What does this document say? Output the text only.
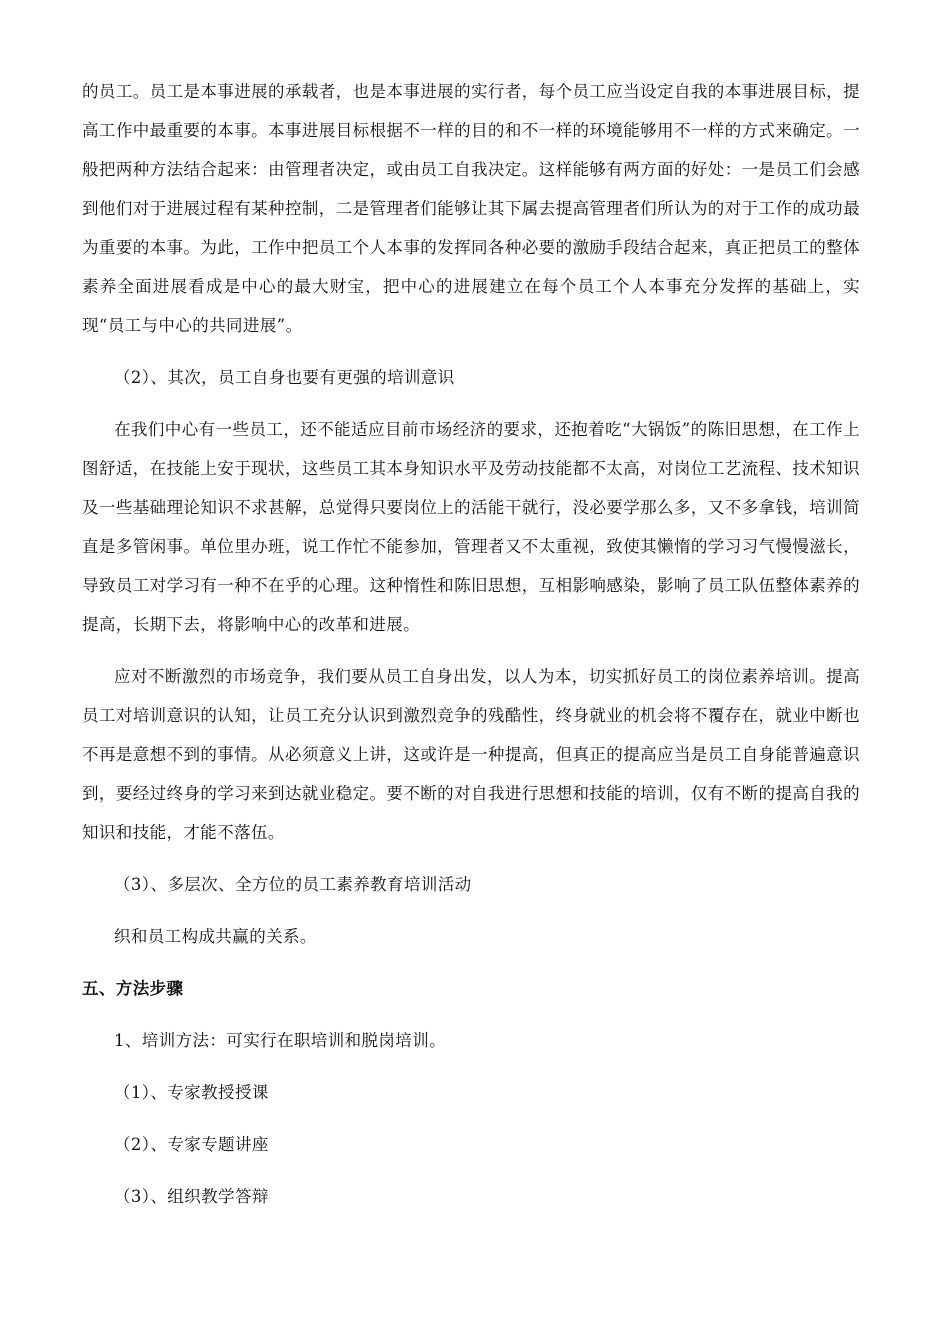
的员工。员工是本事进展的承载者，也是本事进展的实行者，每个员工应当设定自我的本事进展目标，提高工作中最重要的本事。本事进展目标根据不一样的目的和不一样的环境能够用不一样的方式来确定。一般把两种方法结合起来：由管理者决定，或由员工自我决定。这样能够有两方面的好处：一是员工们会感到他们对于进展过程有某种控制，二是管理者们能够让其下属去提高管理者们所认为的对于工作的成功最为重要的本事。为此，工作中把员工个人本事的发挥同各种必要的激励手段结合起来，真正把员工的整体素养全面进展看成是中心的最大财宝，把中心的进展建立在每个员工个人本事充分发挥的基础上，实现“员工与中心的共同进展”。

（2）、其次，员工自身也要有更强的培训意识

在我们中心有一些员工，还不能适应目前市场经济的要求，还抱着吃“大锅饭”的陈旧思想，在工作上图舒适，在技能上安于现状，这些员工其本身知识水平及劳动技能都不太高，对岗位工艺流程、技术知识及一些基础理论知识不求甚解，总觉得只要岗位上的活能干就行，没必要学那么多，又不多拿钱，培训简直是多管闲事。单位里办班，说工作忙不能参加，管理者又不太重视，致使其懒惰的学习习气慢慢滋长，导致员工对学习有一种不在乎的心理。这种惰性和陈旧思想，互相影响感染，影响了员工队伍整体素养的提高，长期下去，将影响中心的改革和进展。

应对不断激烈的市场竞争，我们要从员工自身出发，以人为本，切实抓好员工的岗位素养培训。提高员工对培训意识的认知，让员工充分认识到激烈竞争的残酷性，终身就业的机会将不覆存在，就业中断也不再是意想不到的事情。从必须意义上讲，这或许是一种提高，但真正的提高应当是员工自身能普遍意识到，要经过终身的学习来到达就业稳定。要不断的对自我进行思想和技能的培训，仅有不断的提高自我的知识和技能，才能不落伍。

（3）、多层次、全方位的员工素养教育培训活动

织和员工构成共赢的关系。

五、方法步骤

1、培训方法：可实行在职培训和脱岗培训。

（1）、专家教授授课

（2）、专家专题讲座

（3）、组织教学答辩
